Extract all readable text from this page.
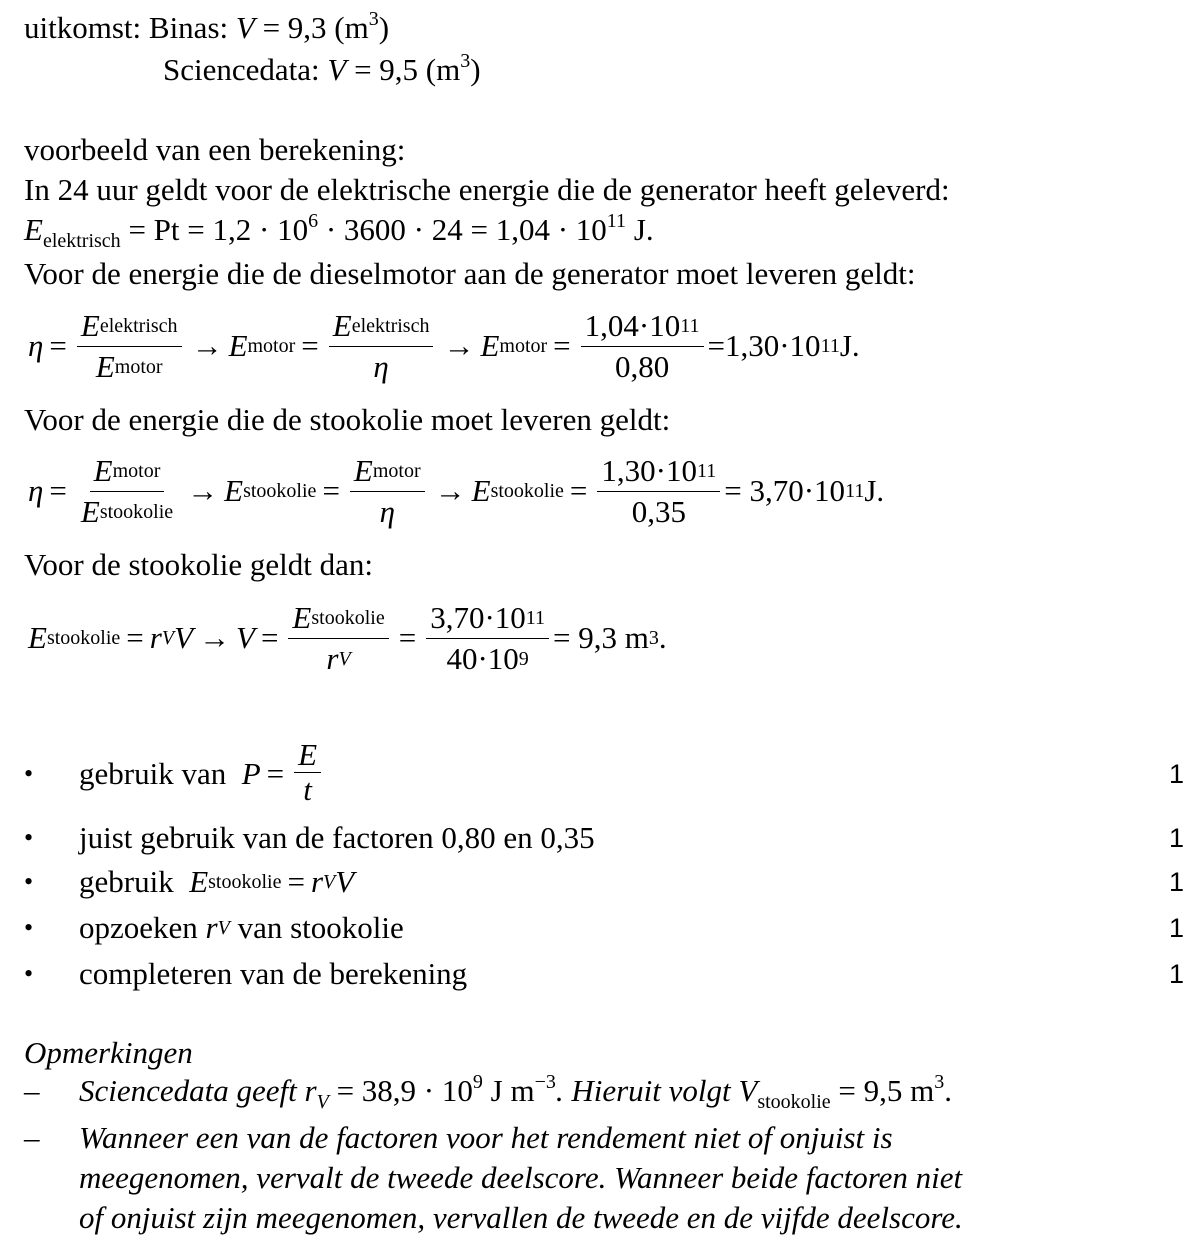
uitkomst: Binas: V = 9,3 $(m^3)$
Sciencedata: V = 9,5 $(m^3)$
voorbeeld van een berekening:
In 24 uur geldt voor de elektrische energie die de generator heeft geleverd:
$E_{elektrisch} = Pt = 1,2 \cdot 10^6 \cdot 3600 \cdot 24 = 1,04 \cdot 10^{11}$ J.
Voor de energie die de dieselmotor aan de generator moet leveren geldt:
$\eta = \frac{\text{E elektrisch}}{\text{E motor}} \to E$ motor = $\frac{\text{E elektrisch}}{\eta} \to E$ motor = $\frac{1,04\cdot 10 11}{0,80} =1,30\cdot 10$ 11 J.
Voor de energie die de stookolie moet leveren geldt:
$\eta = \frac{\text{E motor}}{\text{E stookolie}} \to E$ stookolie = $\frac{\text{E motor}}{\eta} \to E$ stookolie = $\frac{1,30\cdot 10 11}{0,35} = 3,70\cdot 10$ 11 J.
Voor de stookolie geldt dan:
E stookolie = r V $V \to V = \frac{\text{E stookolie}}{\text{r V}} = \frac{3,70\cdot 10 11}{40\cdot 10 9} = 9,3$ m 3 .
•	gebruik van
$P = \frac{E}{t}$	1
•	juist gebruik van de factoren 0,80 en 0,35	1
•	gebruik
E stookolie = r V V	1
•	opzoeken
r V
van stookolie	1
•	completeren van de berekening	1
Opmerkingen
– Sciencedata geeft $r_V = 38,9 \cdot 10^9$ J $m^{-3}$. Hieruit volgt $V_{stookolie} = 9,5$ $m^3$.
– Wanneer een van de factoren voor het rendement niet of onjuist is
meegenomen, vervalt de tweede deelscore. Wanneer beide factoren niet
of onjuist zijn meegenomen, vervallen de tweede en de vijfde deelscore.
